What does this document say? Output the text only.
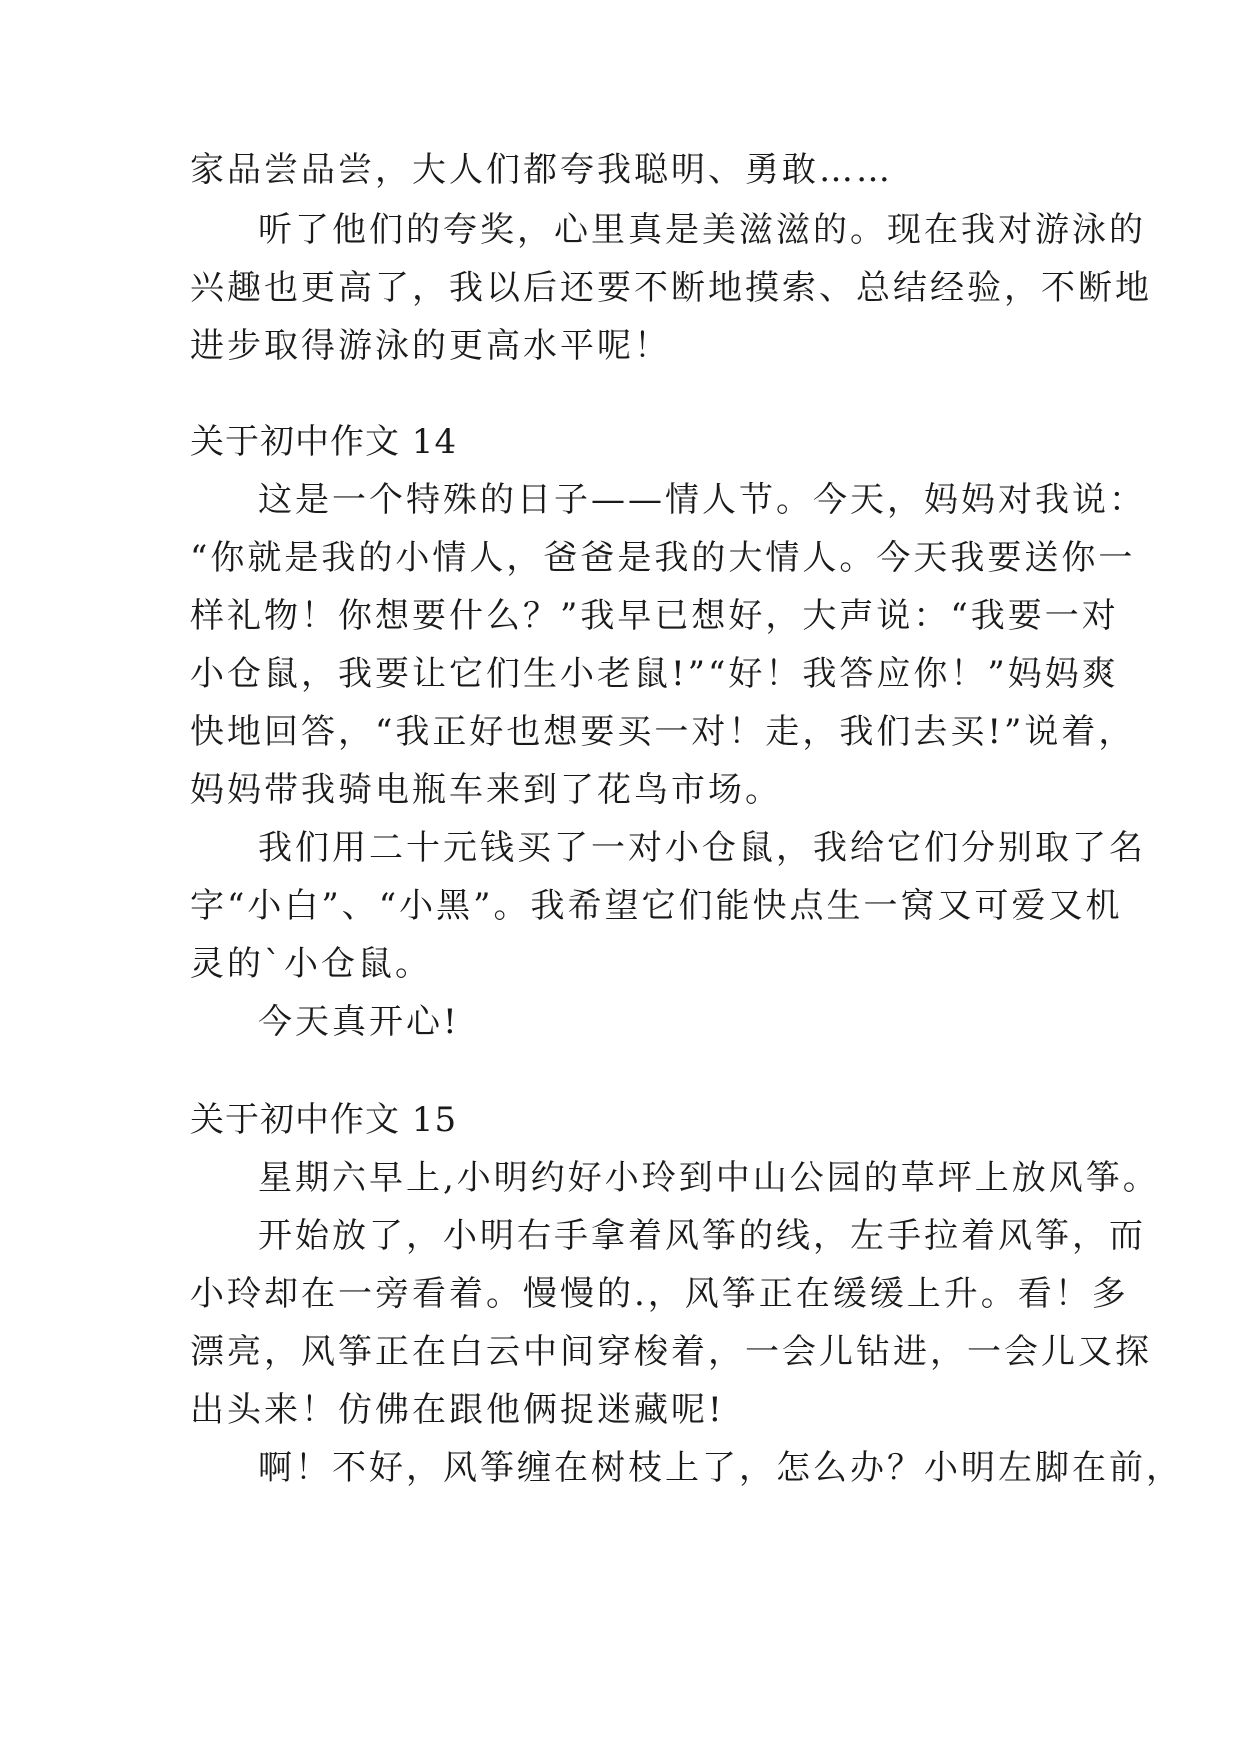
家品尝品尝，大人们都夸我聪明、勇敢……
听了他们的夸奖，心里真是美滋滋的。现在我对游泳的
兴趣也更高了，我以后还要不断地摸索、总结经验，不断地
进步取得游泳的更高水平呢！
关于初中作文 14
这是一个特殊的日子——情人节。今天，妈妈对我说：
“你就是我的小情人，爸爸是我的大情人。今天我要送你一
样礼物！你想要什么？”我早已想好，大声说：“我要一对
小仓鼠，我要让它们生小老鼠!”“好！我答应你！”妈妈爽
快地回答，“我正好也想要买一对！走，我们去买!”说着，
妈妈带我骑电瓶车来到了花鸟市场。
我们用二十元钱买了一对小仓鼠，我给它们分别取了名
字“小白”、“小黑”。我希望它们能快点生一窝又可爱又机
灵的`小仓鼠。
今天真开心!
关于初中作文 15
星期六早上,小明约好小玲到中山公园的草坪上放风筝。
开始放了，小明右手拿着风筝的线，左手拉着风筝，而
小玲却在一旁看着。慢慢的.，风筝正在缓缓上升。看！多
漂亮，风筝正在白云中间穿梭着，一会儿钻进，一会儿又探
出头来！仿佛在跟他俩捉迷藏呢!
啊！不好，风筝缠在树枝上了，怎么办？小明左脚在前，
